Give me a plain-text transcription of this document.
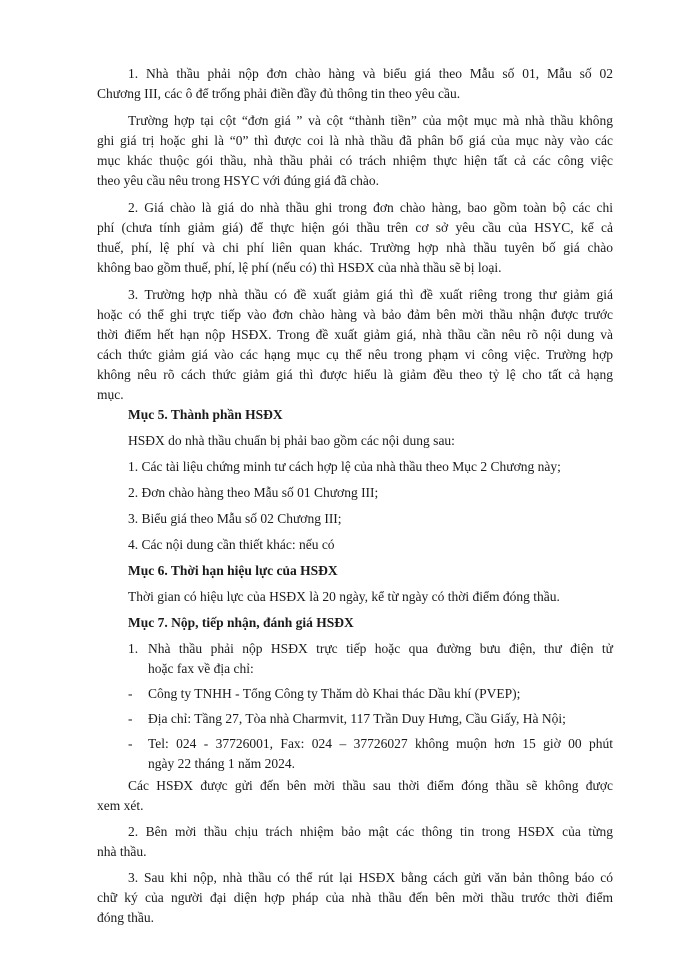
1. Nhà thầu phải nộp đơn chào hàng và biểu giá theo Mẫu số 01, Mẫu số 02
Chương III, các ô để trống phải điền đầy đủ thông tin theo yêu cầu.
Trường hợp tại cột “đơn giá ” và cột “thành tiền” của một mục mà nhà thầu không
ghi giá trị hoặc ghi là “0” thì được coi là nhà thầu đã phân bổ giá của mục này vào các
mục khác thuộc gói thầu, nhà thầu phải có trách nhiệm thực hiện tất cả các công việc
theo yêu cầu nêu trong HSYC với đúng giá đã chào.
2. Giá chào là giá do nhà thầu ghi trong đơn chào hàng, bao gồm toàn bộ các chi
phí (chưa tính giảm giá) để thực hiện gói thầu trên cơ sở yêu cầu của HSYC, kể cả
thuế, phí, lệ phí và chi phí liên quan khác. Trường hợp nhà thầu tuyên bố giá chào
không bao gồm thuế, phí, lệ phí (nếu có) thì HSĐX của nhà thầu sẽ bị loại.
3. Trường hợp nhà thầu có đề xuất giảm giá thì đề xuất riêng trong thư giảm giá
hoặc có thể ghi trực tiếp vào đơn chào hàng và bảo đảm bên mời thầu nhận được trước
thời điểm hết hạn nộp HSĐX. Trong đề xuất giảm giá, nhà thầu cần nêu rõ nội dung và
cách thức giảm giá vào các hạng mục cụ thể nêu trong phạm vi công việc. Trường hợp
không nêu rõ cách thức giảm giá thì được hiểu là giảm đều theo tỷ lệ cho tất cả hạng
mục.
Mục 5. Thành phần HSĐX
HSĐX do nhà thầu chuẩn bị phải bao gồm các nội dung sau:
1. Các tài liệu chứng minh tư cách hợp lệ của nhà thầu theo Mục 2 Chương này;
2. Đơn chào hàng theo Mẫu số 01 Chương III;
3. Biểu giá theo Mẫu số 02 Chương III;
4. Các nội dung cần thiết khác: nếu có
Mục 6. Thời hạn hiệu lực của HSĐX
Thời gian có hiệu lực của HSĐX là 20 ngày, kể từ ngày có thời điểm đóng thầu.
Mục 7. Nộp, tiếp nhận, đánh giá HSĐX
1. Nhà thầu phải nộp HSĐX trực tiếp hoặc qua đường bưu điện, thư điện tử
hoặc fax về địa chỉ:
- Công ty TNHH - Tổng Công ty Thăm dò Khai thác Dầu khí (PVEP);
- Địa chỉ: Tầng 27, Tòa nhà Charmvit, 117 Trần Duy Hưng, Cầu Giấy, Hà Nội;
- Tel: 024 - 37726001, Fax: 024 – 37726027 không muộn hơn 15 giờ 00 phút
ngày 22 tháng 1 năm 2024.
Các HSĐX được gửi đến bên mời thầu sau thời điểm đóng thầu sẽ không được
xem xét.
2. Bên mời thầu chịu trách nhiệm bảo mật các thông tin trong HSĐX của từng
nhà thầu.
3. Sau khi nộp, nhà thầu có thể rút lại HSĐX bằng cách gửi văn bản thông báo có
chữ ký của người đại diện hợp pháp của nhà thầu đến bên mời thầu trước thời điểm
đóng thầu.
